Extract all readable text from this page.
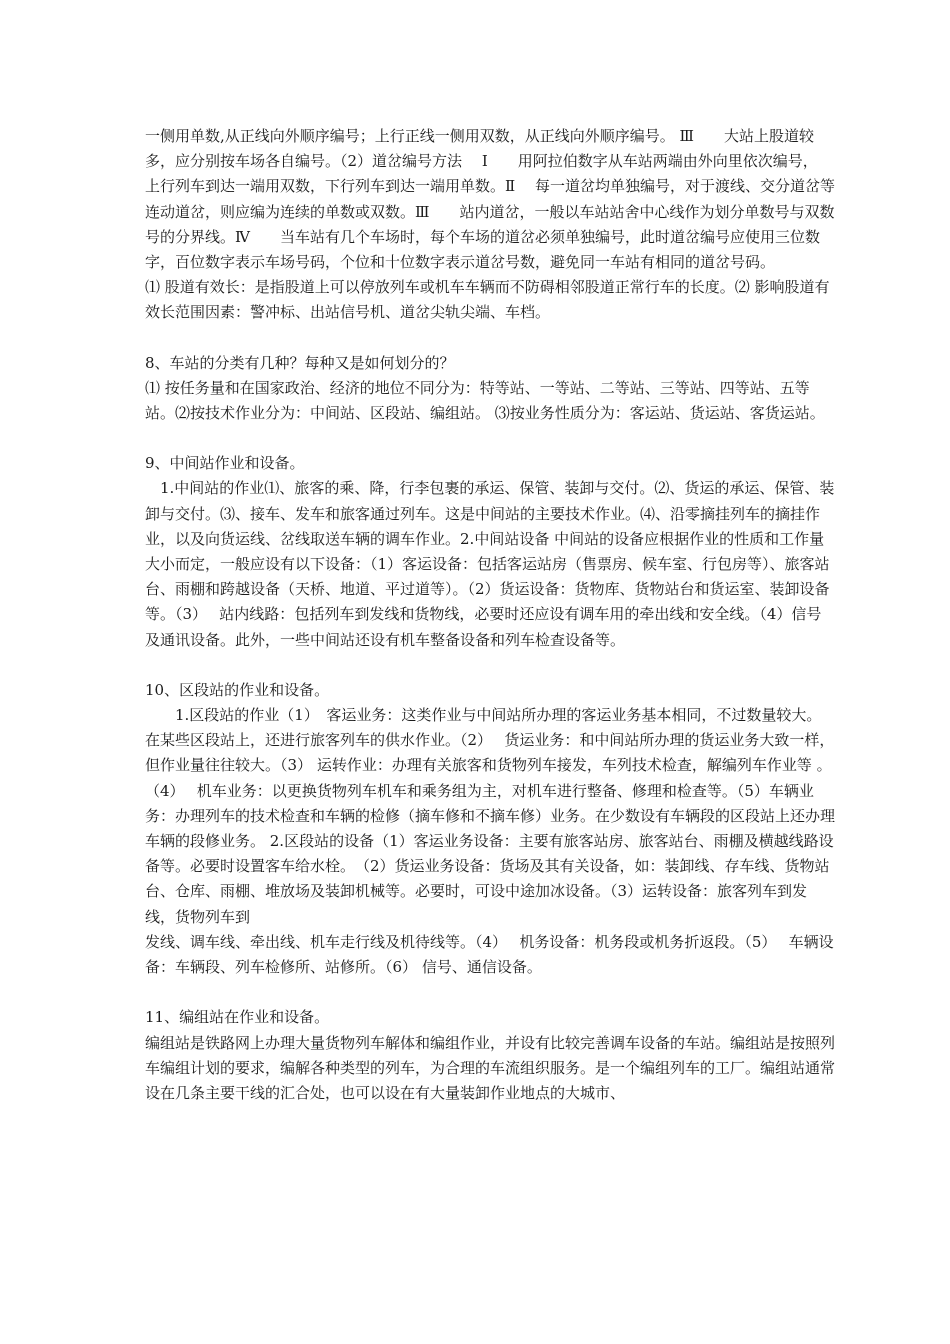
一侧用单数,从正线向外顺序编号；上行正线一侧用双数，从正线向外顺序编号。 Ⅲ　　大站上股道较多，应分别按车场各自编号。（2）道岔编号方法　 Ⅰ　　用阿拉伯数字从车站两端由外向里依次编号，

上行列车到达一端用双数，下行列车到达一端用单数。Ⅱ　 每一道岔均单独编号，对于渡线、交分道岔等连动道岔，则应编为连续的单数或双数。Ⅲ　　站内道岔，一般以车站站舍中心线作为划分单数号与双数号的分界线。Ⅳ　　当车站有几个车场时，每个车场的道岔必须单独编号，此时道岔编号应使用三位数字，百位数字表示车场号码，个位和十位数字表示道岔号数，避免同一车站有相同的道岔号码。

⑴ 股道有效长：是指股道上可以停放列车或机车车辆而不防碍相邻股道正常行车的长度。⑵ 影响股道有效长范围因素：警冲标、出站信号机、道岔尖轨尖端、车档。

8、车站的分类有几种？每种又是如何划分的？

⑴ 按任务量和在国家政治、经济的地位不同分为：特等站、一等站、二等站、三等站、四等站、五等站。⑵按技术作业分为：中间站、区段站、编组站。 ⑶按业务性质分为：客运站、货运站、客货运站。

9、中间站作业和设备。

　1.中间站的作业⑴、旅客的乘、降，行李包裹的承运、保管、装卸与交付。⑵、货运的承运、保管、装卸与交付。⑶、接车、发车和旅客通过列车。这是中间站的主要技术作业。⑷、沿零摘挂列车的摘挂作业，以及向货运线、岔线取送车辆的调车作业。2.中间站设备 中间站的设备应根据作业的性质和工作量大小而定，一般应设有以下设备：（1）客运设备：包括客运站房（售票房、候车室、行包房等）、旅客站台、雨棚和跨越设备（天桥、地道、平过道等）。（2）货运设备：货物库、货物站台和货运室、装卸设备等。（3）　 站内线路：包括列车到发线和货物线，必要时还应设有调车用的牵出线和安全线。（4）信号及通讯设备。此外，一些中间站还设有机车整备设备和列车检查设备等。

10、区段站的作业和设备。

　　1.区段站的作业（1）　客运业务：这类作业与中间站所办理的客运业务基本相同，不过数量较大。在某些区段站上，还进行旅客列车的供水作业。（2）　 货运业务：和中间站所办理的货运业务大致一样，但作业量往往较大。（3） 运转作业：办理有关旅客和货物列车接发，车列技术检查，解编列车作业等 。（4）　 机车业务：以更换货物列车机车和乘务组为主，对机车进行整备、修理和检查等。（5）车辆业务：办理列车的技术检查和车辆的检修（摘车修和不摘车修）业务。在少数设有车辆段的区段站上还办理车辆的段修业务。 2.区段站的设备（1）客运业务设备：主要有旅客站房、旅客站台、雨棚及横越线路设备等。必要时设置客车给水栓。　（2）货运业务设备：货场及其有关设备，如：装卸线、存车线、货物站台、仓库、雨棚、堆放场及装卸机械等。必要时，可设中途加冰设备。（3）运转设备：旅客列车到发线，货物列车到

发线、调车线、牵出线、机车走行线及机待线等。（4）　 机务设备：机务段或机务折返段。（5）　 车辆设备：车辆段、列车检修所、站修所。（6） 信号、通信设备。

11、编组站在作业和设备。

编组站是铁路网上办理大量货物列车解体和编组作业，并设有比较完善调车设备的车站。编组站是按照列车编组计划的要求，编解各种类型的列车，为合理的车流组织服务。是一个编组列车的工厂。编组站通常设在几条主要干线的汇合处，也可以设在有大量装卸作业地点的大城市、
